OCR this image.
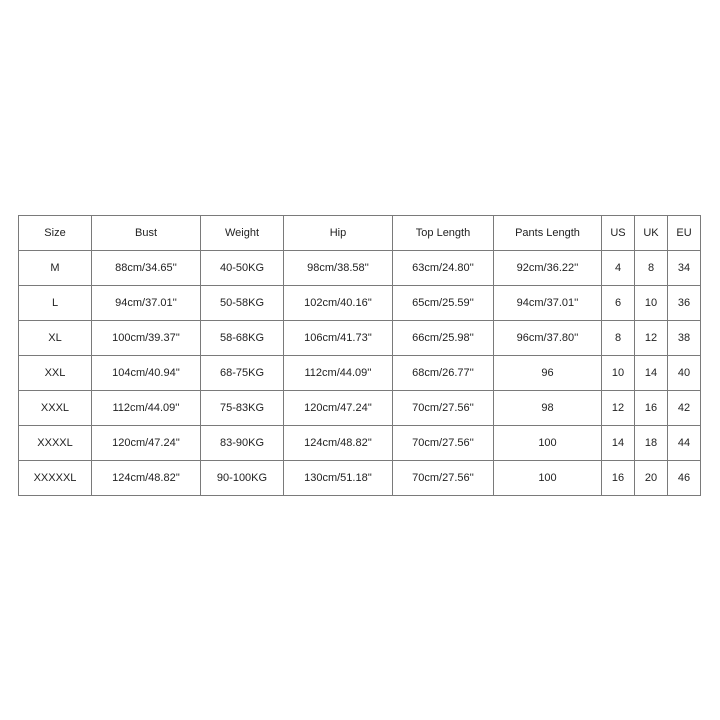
Size	Bust	Weight	Hip	Top Length	Pants Length	US	UK	EU
M	88cm/34.65''	40-50KG	98cm/38.58''	63cm/24.80''	92cm/36.22''	4	8	34
L	94cm/37.01''	50-58KG	102cm/40.16''	65cm/25.59''	94cm/37.01''	6	10	36
XL	100cm/39.37''	58-68KG	106cm/41.73''	66cm/25.98''	96cm/37.80''	8	12	38
XXL	104cm/40.94''	68-75KG	112cm/44.09''	68cm/26.77''	96	10	14	40
XXXL	112cm/44.09''	75-83KG	120cm/47.24''	70cm/27.56''	98	12	16	42
XXXXL	120cm/47.24''	83-90KG	124cm/48.82''	70cm/27.56''	100	14	18	44
XXXXXL	124cm/48.82''	90-100KG	130cm/51.18''	70cm/27.56''	100	16	20	46
